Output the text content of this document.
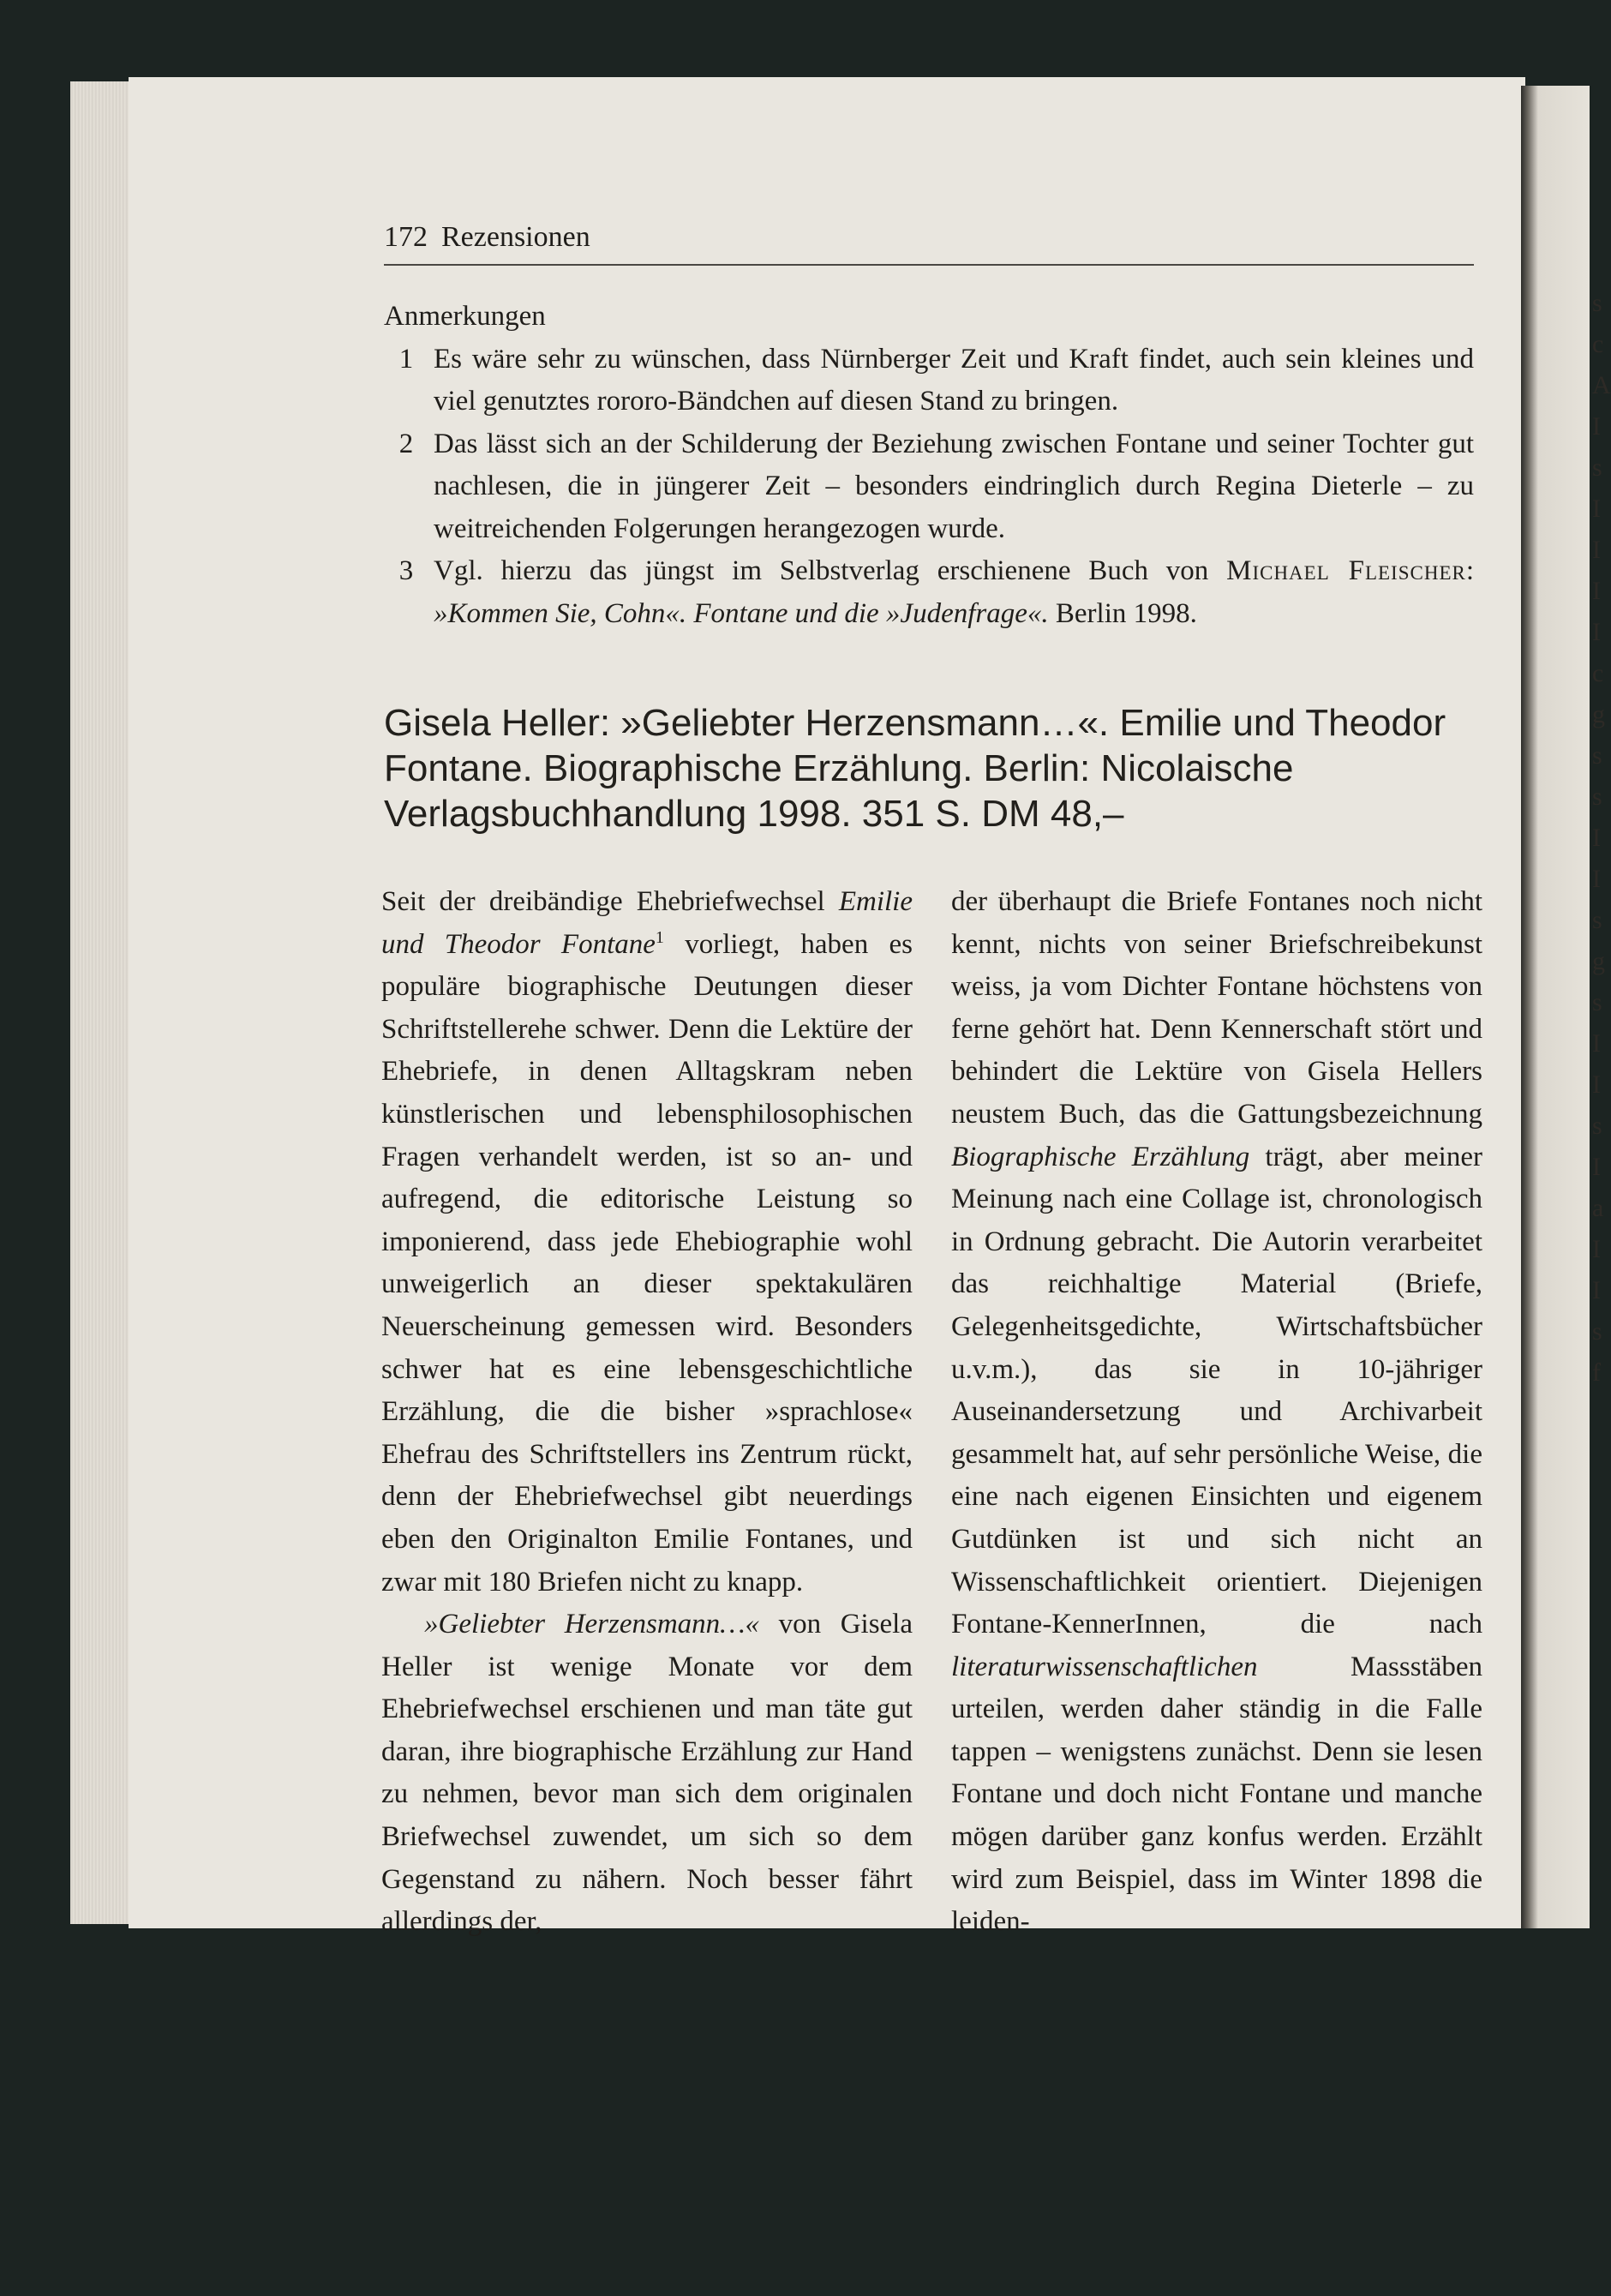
s c A I s I I I I c g s s I I s g s I I s I a I I s f
172 Rezensionen
Anmerkungen
1 Es wäre sehr zu wünschen, dass Nürnberger Zeit und Kraft findet, auch sein kleines und viel genutztes rororo-Bändchen auf diesen Stand zu bringen.
2 Das lässt sich an der Schilderung der Beziehung zwischen Fontane und seiner Tochter gut nachlesen, die in jüngerer Zeit – besonders eindringlich durch Regina Dieterle – zu weitreichenden Folgerungen herangezogen wurde.
3 Vgl. hierzu das jüngst im Selbstverlag erschienene Buch von Michael Fleischer: »Kommen Sie, Cohn«. Fontane und die »Judenfrage«. Berlin 1998.
Gisela Heller: »Geliebter Herzensmann…«. Emilie und Theodor Fontane. Biographische Erzählung. Berlin: Nicolaische Verlagsbuchhandlung 1998. 351 S. DM 48,–

Seit der dreibändige Ehebriefwechsel Emilie und Theodor Fontane$^1$ vorliegt, haben es populäre biographische Deutungen dieser Schriftstellerehe schwer. Denn die Lektüre der Ehebriefe, in denen Alltagskram neben künstlerischen und lebensphilosophischen Fragen verhandelt werden, ist so an- und aufregend, die editorische Leistung so imponierend, dass jede Ehebiographie wohl unweigerlich an dieser spektakulären Neuerscheinung gemessen wird. Besonders schwer hat es eine lebensgeschichtliche Erzählung, die die bisher »sprachlose« Ehefrau des Schriftstellers ins Zentrum rückt, denn der Ehebriefwechsel gibt neuerdings eben den Originalton Emilie Fontanes, und zwar mit 180 Briefen nicht zu knapp.

»Geliebter Herzensmann…« von Gisela Heller ist wenige Monate vor dem Ehebriefwechsel erschienen und man täte gut daran, ihre biographische Erzählung zur Hand zu nehmen, bevor man sich dem originalen Briefwechsel zuwendet, um sich so dem Gegenstand zu nähern. Noch besser fährt allerdings der,

der überhaupt die Briefe Fontanes noch nicht kennt, nichts von seiner Briefschreibekunst weiss, ja vom Dichter Fontane höchstens von ferne gehört hat. Denn Kennerschaft stört und behindert die Lektüre von Gisela Hellers neustem Buch, das die Gattungsbezeichnung Biographische Erzählung trägt, aber meiner Meinung nach eine Collage ist, chronologisch in Ordnung gebracht. Die Autorin verarbeitet das reichhaltige Material (Briefe, Gelegenheitsgedichte, Wirtschaftsbücher u.v.m.), das sie in 10-jähriger Auseinandersetzung und Archivarbeit gesammelt hat, auf sehr persönliche Weise, die eine nach eigenen Einsichten und eigenem Gutdünken ist und sich nicht an Wissenschaftlichkeit orientiert. Diejenigen Fontane-KennerInnen, die nach literaturwissenschaftlichen Massstäben urteilen, werden daher ständig in die Falle tappen – wenigstens zunächst. Denn sie lesen Fontane und doch nicht Fontane und manche mögen darüber ganz konfus werden. Erzählt wird zum Beispiel, dass im Winter 1898 die leiden-
